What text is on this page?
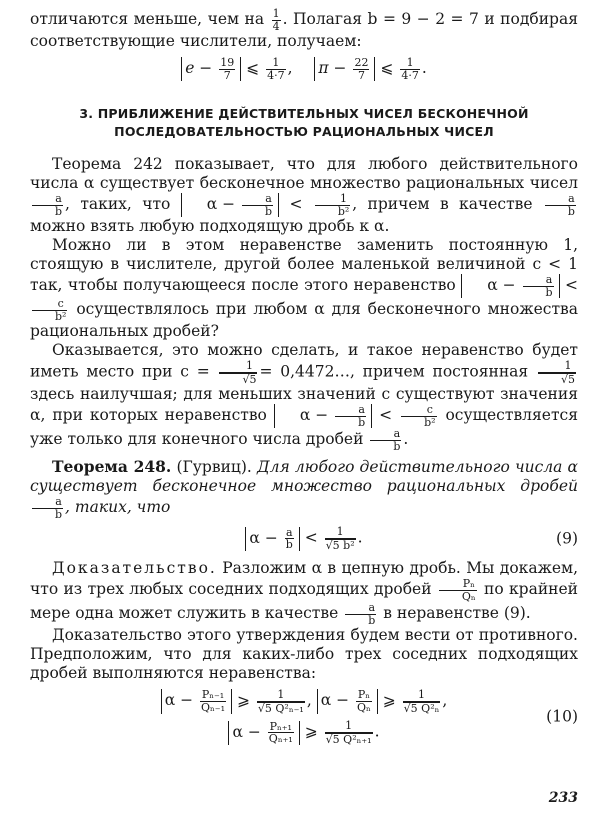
отличаются меньше, чем на $\frac{1}{4}$ . Полагая b = 9 − 2 = 7 и подбирая соответствующие числители, получаем:

$e - \frac{19}{7}$ ⩽ $\frac{1}{4\cdot 7}$ , $\pi - \frac{22}{7}$ ⩽ $\frac{1}{4\cdot 7}$ .
3. ПРИБЛИЖЕНИЕ ДЕЙСТВИТЕЛЬНЫХ ЧИСЕЛ БЕСКОНЕЧНОЙ
ПОСЛЕДОВАТЕЛЬНОСТЬЮ РАЦИОНАЛЬНЫХ ЧИСЕЛ

Теорема 242 показывает, что для любого действительного числа α существует бесконечное множество рациональных чисел
$\frac{a}{b}$ , таких, что $\alpha - \frac{a}{b} < \frac{1}{\text{b²}}$ , причем в качестве $\frac{a}{b}$
можно взять любую подходящую дробь к α.

Можно ли в этом неравенстве заменить постоянную 1, стоящую в числителе, другой более маленькой величиной c < 1 так, чтобы получающееся после этого неравенство $\alpha - \frac{a}{b}$ <
$\frac{c}{\text{b²}}$ осуществлялось при любом α для бесконечного множества рациональных дробей?

Оказывается, это можно сделать, и такое неравенство будет иметь место при $c = \frac{1}{√5}$ = 0,4472…, причем постоянная $\frac{1}{√5}$
здесь наилучшая; для меньших значений c существуют значения α, при которых неравенство $\alpha - \frac{a}{b} < \frac{c}{\text{b²}}$ осуществляется уже только для конечного числа дробей $\frac{a}{b}$ .

Теорема 248. (Гурвиц). Для любого действительного числа α существует бесконечное множество рациональных дробей
$\frac{a}{b}$ , таких, что

$\alpha - \frac{a}{b} < \frac{1}{\text{√5 b²}}$ .	(9)

Доказательство. Разложим α в цепную дробь. Мы докажем, что из трех любых соседних подходящих дробей $\frac{\text{Pₙ}}{\text{Qₙ}}$ по крайней мере одна может служить в качестве $\frac{a}{b}$ в неравенстве (9).

Доказательство этого утверждения будем вести от противного. Предположим, что для каких-либо трех соседних подходящих дробей выполняются неравенства:

$\alpha - \frac{\text{Pₙ₋₁}}{\text{Qₙ₋₁}}$ ⩾ $\frac{1}{\text{√5 Q²ₙ₋₁}}$ , $\alpha - \frac{\text{Pₙ}}{\text{Qₙ}}$ ⩾ $\frac{1}{\text{√5 Q²ₙ}}$ ,
$\alpha - \frac{\text{Pₙ₊₁}}{\text{Qₙ₊₁}}$ ⩾ $\frac{1}{\text{√5 Q²ₙ₊₁}}$ .
(10)
233
